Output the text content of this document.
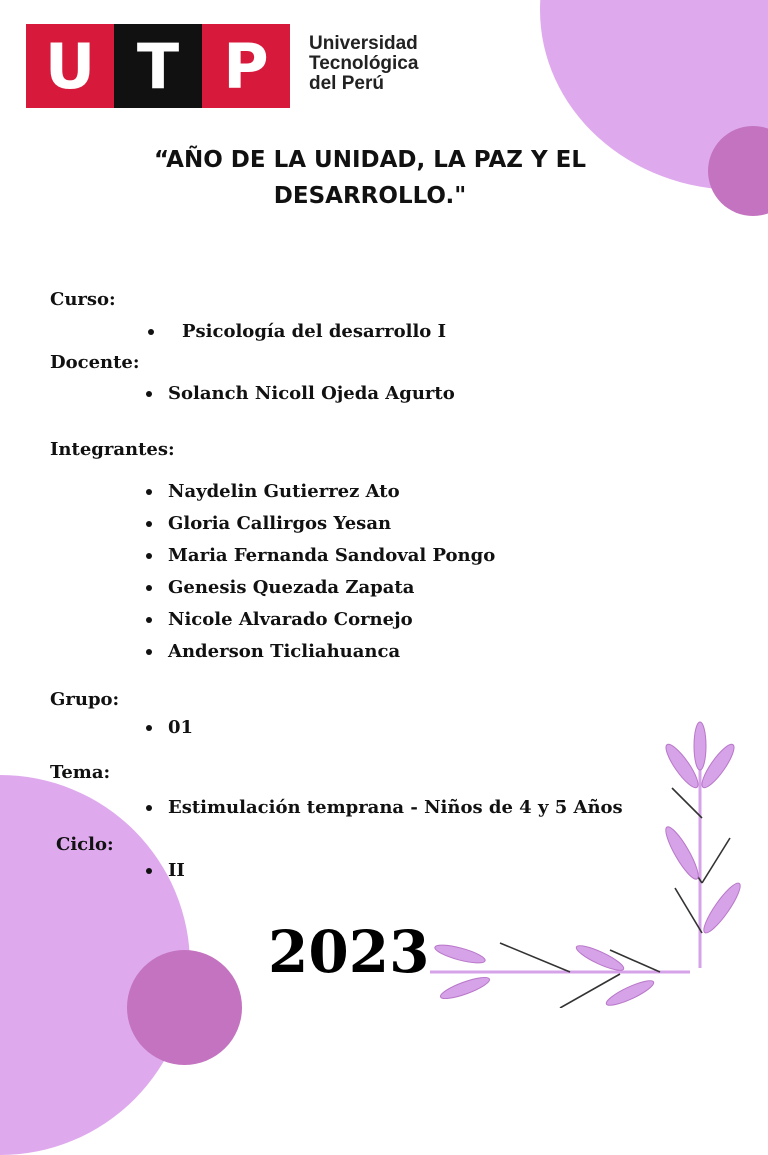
U T P	Universidad
Tecnológica
del Perú
“AÑO DE LA UNIDAD, LA PAZ Y EL
DESARROLLO."
Curso:
Psicología del desarrollo I
Docente:
Solanch Nicoll Ojeda Agurto
Integrantes:
Naydelin Gutierrez Ato
Gloria Callirgos Yesan
Maria Fernanda Sandoval Pongo
Genesis Quezada Zapata
Nicole Alvarado Cornejo
Anderson Ticliahuanca
Grupo:
01
Tema:
Estimulación temprana - Niños de 4 y 5 Años
Ciclo:
II
2023
